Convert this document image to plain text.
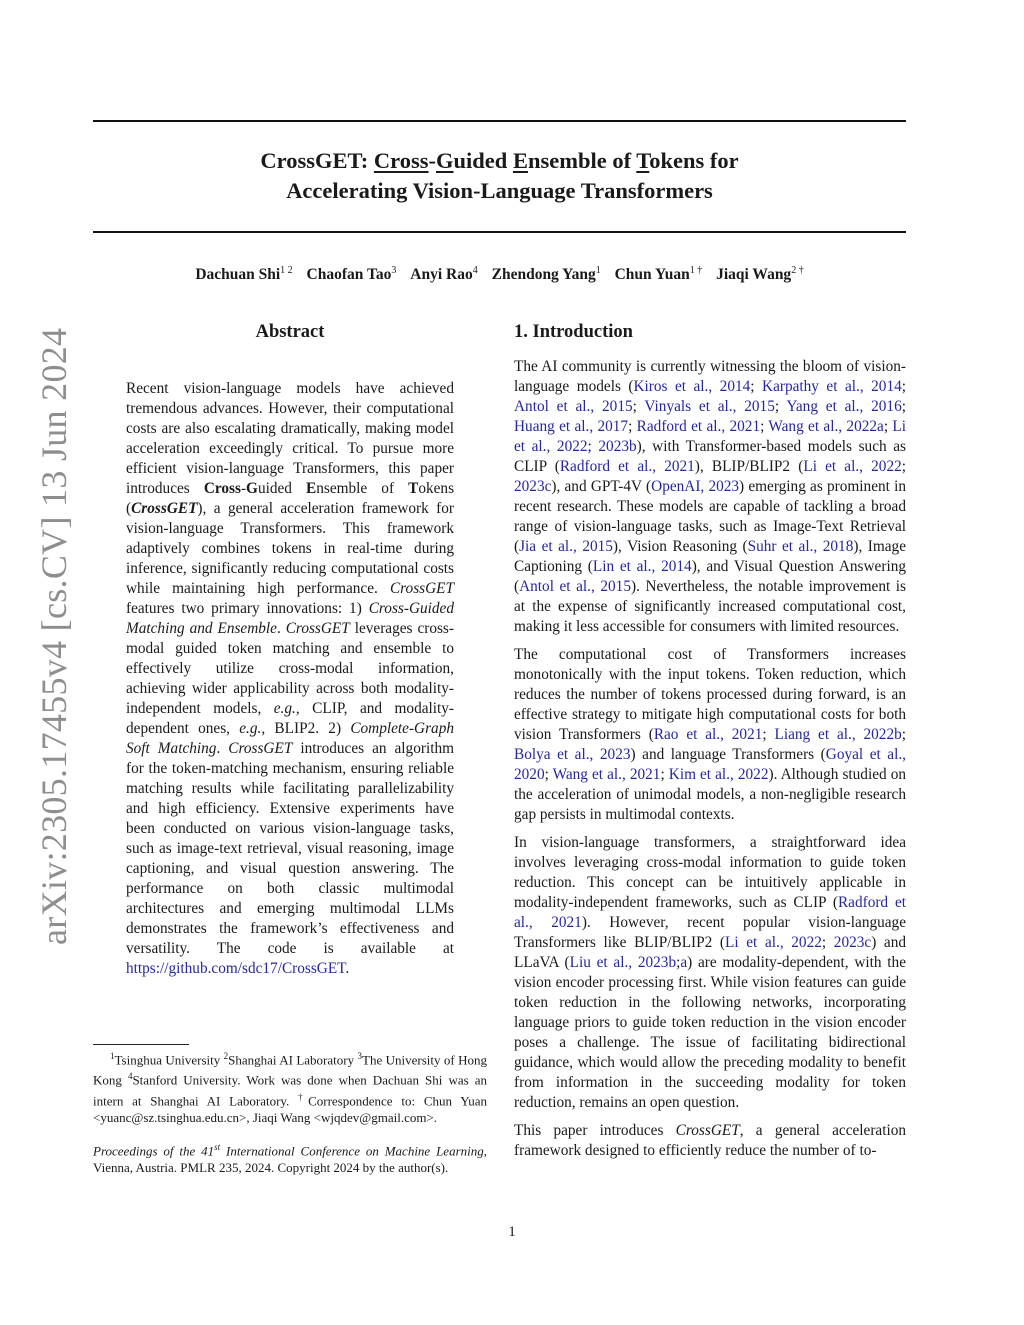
CrossGET: Cross-Guided Ensemble of Tokens for
Accelerating Vision-Language Transformers
Dachuan Shi$^{1 2}$ Chaofan Tao$^3$ Anyi Rao$^4$ Zhendong Yang$^1$ Chun Yuan$^{1 \dagger}$ Jiaqi Wang$^{2 \dagger}$
arXiv:2305.17455v4 [cs.CV] 13 Jun 2024	Abstract
Recent vision-language models have achieved tremendous advances. However, their computational costs are also escalating dramatically, making model acceleration exceedingly critical. To pursue more efficient vision-language Transformers, this paper introduces Cross-Guided Ensemble of Tokens (CrossGET), a general acceleration framework for vision-language Transformers. This framework adaptively combines tokens in real-time during inference, significantly reducing computational costs while maintaining high performance. CrossGET features two primary innovations: 1) Cross-Guided Matching and Ensemble. CrossGET leverages cross-modal guided token matching and ensemble to effectively utilize cross-modal information, achieving wider applicability across both modality-independent models, e.g., CLIP, and modality-dependent ones, e.g., BLIP2. 2) Complete-Graph Soft Matching. CrossGET introduces an algorithm for the token-matching mechanism, ensuring reliable matching results while facilitating parallelizability and high efficiency. Extensive experiments have been conducted on various vision-language tasks, such as image-text retrieval, visual reasoning, image captioning, and visual question answering. The performance on both classic multimodal architectures and emerging multimodal LLMs demonstrates the framework’s effectiveness and versatility. The code is available at https://github.com/sdc17/CrossGET.
$^1$Tsinghua University $^2$Shanghai AI Laboratory $^3$The University of Hong Kong $^4$Stanford University. Work was done when Dachuan Shi was an intern at Shanghai AI Laboratory. †Correspondence to: Chun Yuan <yuanc@sz.tsinghua.edu.cn>, Jiaqi Wang <wjqdev@gmail.com>.
Proceedings of the 41st International Conference on Machine Learning, Vienna, Austria. PMLR 235, 2024. Copyright 2024 by the author(s).
1. Introduction

The AI community is currently witnessing the bloom of vision-language models (Kiros et al., 2014; Karpathy et al., 2014; Antol et al., 2015; Vinyals et al., 2015; Yang et al., 2016; Huang et al., 2017; Radford et al., 2021; Wang et al., 2022a; Li et al., 2022; 2023b), with Transformer-based models such as CLIP (Radford et al., 2021), BLIP/BLIP2 (Li et al., 2022; 2023c), and GPT-4V (OpenAI, 2023) emerging as prominent in recent research. These models are capable of tackling a broad range of vision-language tasks, such as Image-Text Retrieval (Jia et al., 2015), Vision Reasoning (Suhr et al., 2018), Image Captioning (Lin et al., 2014), and Visual Question Answering (Antol et al., 2015). Nevertheless, the notable improvement is at the expense of significantly increased computational cost, making it less accessible for consumers with limited resources.

The computational cost of Transformers increases monotonically with the input tokens. Token reduction, which reduces the number of tokens processed during forward, is an effective strategy to mitigate high computational costs for both vision Transformers (Rao et al., 2021; Liang et al., 2022b; Bolya et al., 2023) and language Transformers (Goyal et al., 2020; Wang et al., 2021; Kim et al., 2022). Although studied on the acceleration of unimodal models, a non-negligible research gap persists in multimodal contexts.

In vision-language transformers, a straightforward idea involves leveraging cross-modal information to guide token reduction. This concept can be intuitively applicable in modality-independent frameworks, such as CLIP (Radford et al., 2021). However, recent popular vision-language Transformers like BLIP/BLIP2 (Li et al., 2022; 2023c) and LLaVA (Liu et al., 2023b;a) are modality-dependent, with the vision encoder processing first. While vision features can guide token reduction in the following networks, incorporating language priors to guide token reduction in the vision encoder poses a challenge. The issue of facilitating bidirectional guidance, which would allow the preceding modality to benefit from information in the succeeding modality for token reduction, remains an open question.

This paper introduces CrossGET, a general acceleration framework designed to efficiently reduce the number of to-

1
